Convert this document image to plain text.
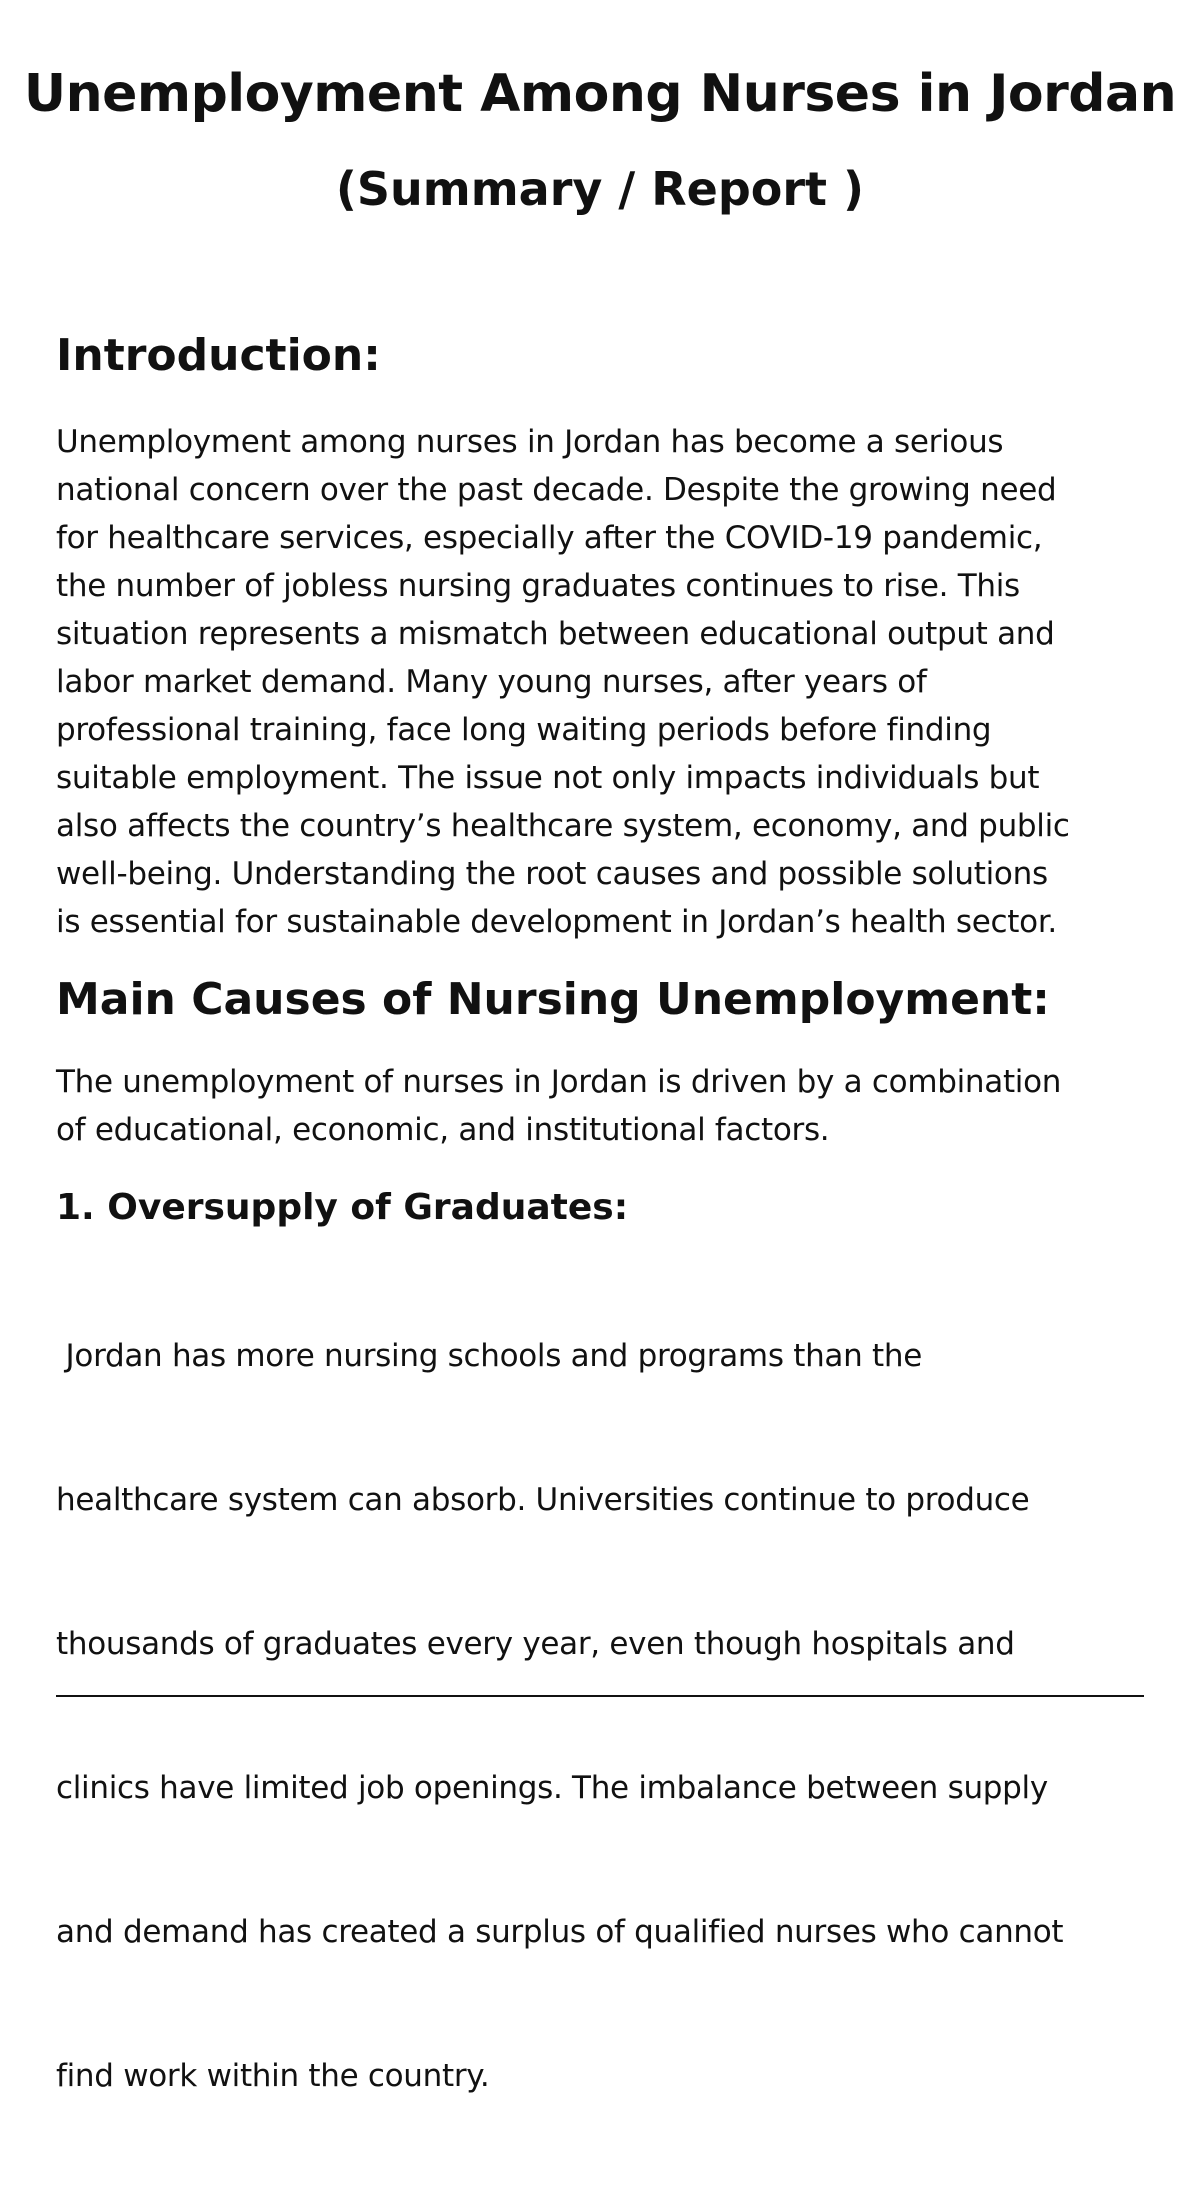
Unemployment Among Nurses in Jordan
(Summary / Report )
Introduction:

Unemployment among nurses in Jordan has become a serious
national concern over the past decade. Despite the growing need
for healthcare services, especially after the COVID-19 pandemic,
the number of jobless nursing graduates continues to rise. This
situation represents a mismatch between educational output and
labor market demand. Many young nurses, after years of
professional training, face long waiting periods before finding
suitable employment. The issue not only impacts individuals but
also affects the country’s healthcare system, economy, and public
well-being. Understanding the root causes and possible solutions
is essential for sustainable development in Jordan’s health sector.

Main Causes of Nursing Unemployment:

The unemployment of nurses in Jordan is driven by a combination
of educational, economic, and institutional factors.

1. Oversupply of Graduates:

Jordan has more nursing schools and programs than the

healthcare system can absorb. Universities continue to produce

thousands of graduates every year, even though hospitals and

clinics have limited job openings. The imbalance between supply

and demand has created a surplus of qualified nurses who cannot

find work within the country.
